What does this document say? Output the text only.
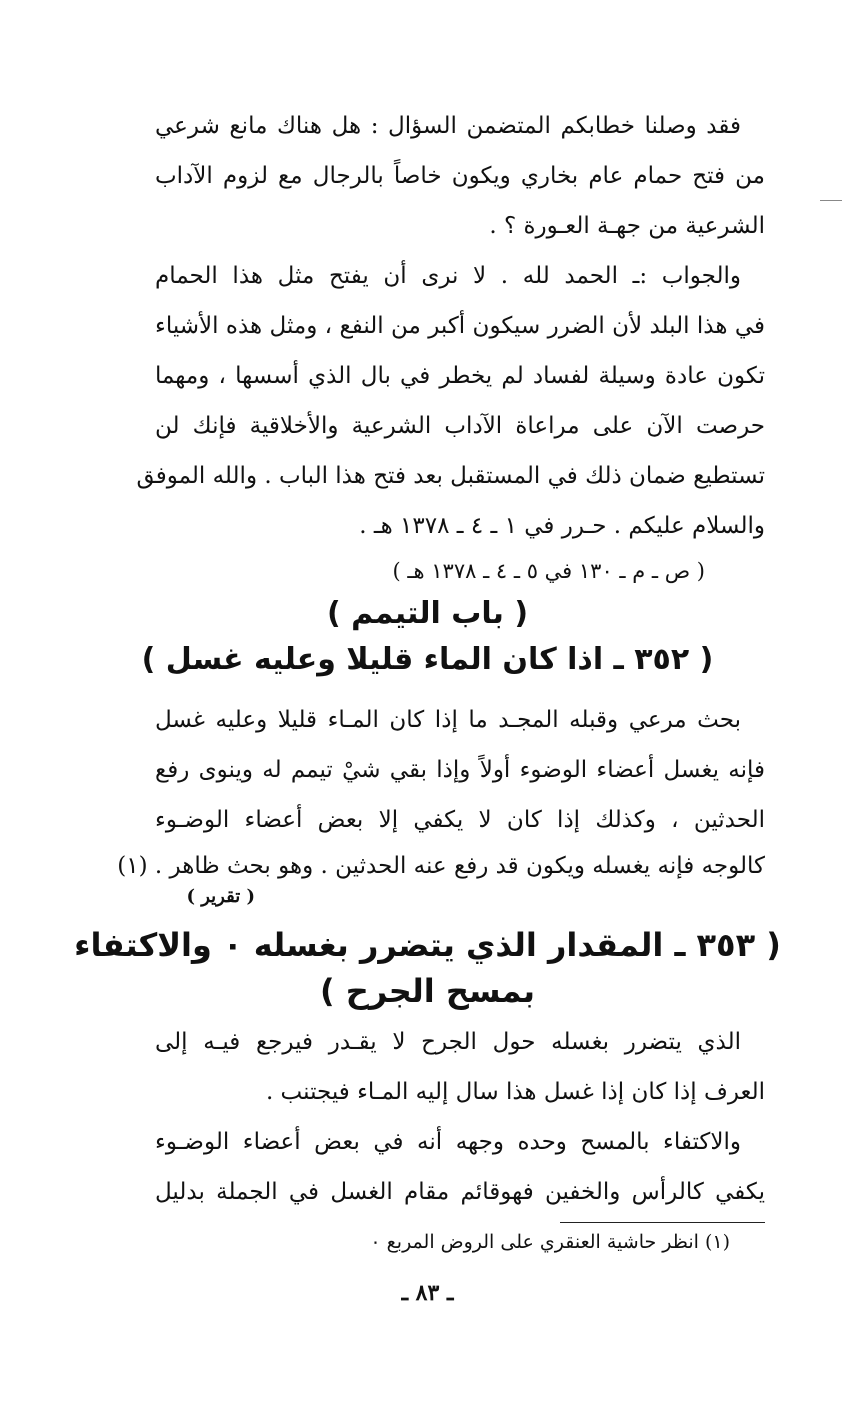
فقد وصلنا خطابكم المتضمن السؤال : هل هناك مانع شرعي
من فتح حمام عام بخاري ويكون خاصاً بالرجال مع لزوم الآداب
الشرعية من جهـة العـورة ؟ .
والجواب :ـ الحمد لله . لا نرى أن يفتح مثل هذا الحمام
في هذا البلد لأن الضرر سيكون أكبر من النفع ، ومثل هذه الأشياء
تكون عادة وسيلة لفساد لم يخطر في بال الذي أسسها ، ومهما
حرصت الآن على مراعاة الآداب الشرعية والأخلاقية فإنك لن
تستطيع ضمان ذلك في المستقبل بعد فتح هذا الباب . والله الموفق
والسلام عليكم . حـرر في ١ ـ ٤ ـ ١٣٧٨ هـ .
( ص ـ م ـ ١٣٠ في ٥ ـ ٤ ـ ١٣٧٨ هـ )
( باب التيمم )
( ٣٥٢ ـ اذا كان الماء قليلا وعليه غسل )
بحث مرعي وقبله المجـد ما إذا كان المـاء قليلا وعليه غسل
فإنه يغسل أعضاء الوضوء أولاً وإذا بقي شيْ تيمم له وينوى رفع
الحدثين ، وكذلك إذا كان لا يكفي إلا بعض أعضاء الوضـوء
كالوجه فإنه يغسله ويكون قد رفع عنه الحدثين . وهو بحث ظاهر . (١)
( تقرير )
( ٣٥٣ ـ المقدار الذي يتضرر بغسله ٠ والاكتفاء
بمسح الجرح )
الذي يتضرر بغسله حول الجرح لا يقـدر فيرجع فيـه إلى
العرف إذا كان إذا غسل هذا سال إليه المـاء فيجتنب .
والاكتفاء بالمسح وحده وجهه أنه في بعض أعضاء الوضـوء
يكفي كالرأس والخفين فهوقائم مقام الغسل في الجملة بدليل
(١) انظر حاشية العنقري على الروض المربع ٠
ـ ٨٣ ـ
